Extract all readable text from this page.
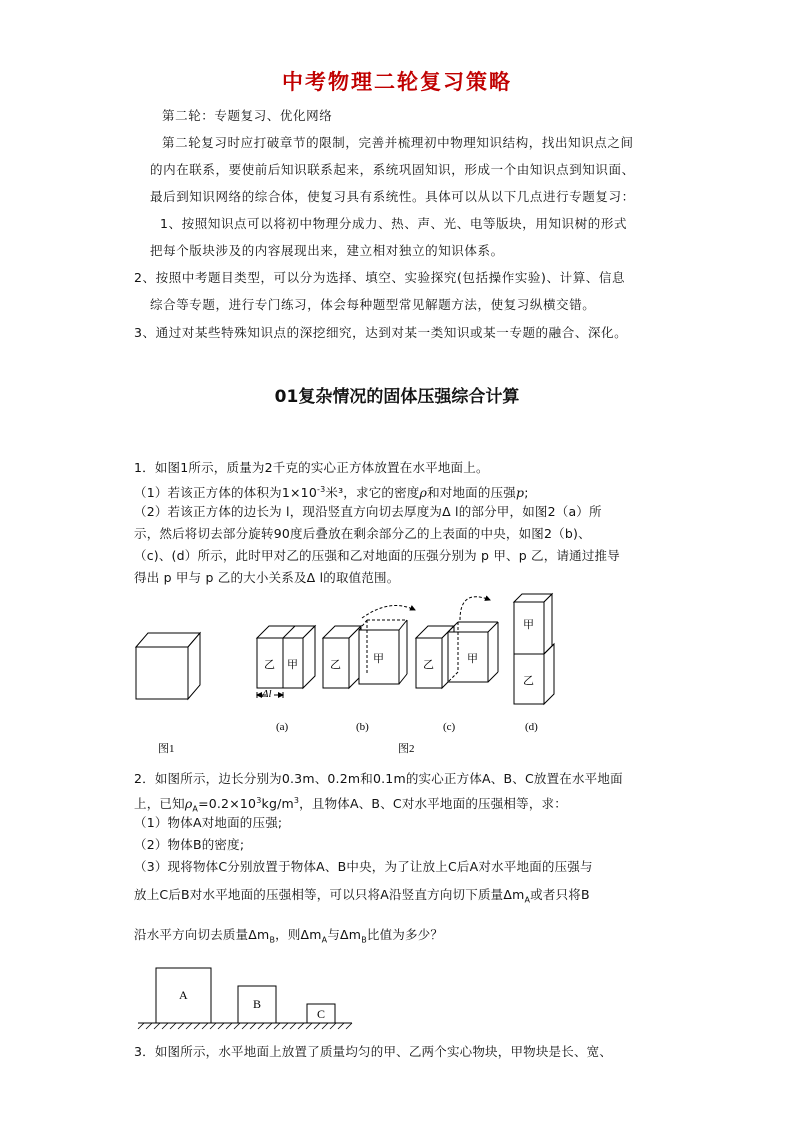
中考物理二轮复习策略
第二轮：专题复习、优化网络
第二轮复习时应打破章节的限制，完善并梳理初中物理知识结构，找出知识点之间
的内在联系，要使前后知识联系起来，系统巩固知识，形成一个由知识点到知识面、
最后到知识网络的综合体，使复习具有系统性。具体可以从以下几点进行专题复习：
1、按照知识点可以将初中物理分成力、热、声、光、电等版块，用知识树的形式
把每个版块涉及的内容展现出来，建立相对独立的知识体系。
2、按照中考题目类型，可以分为选择、填空、实验探究(包括操作实验)、计算、信息
综合等专题，进行专门练习，体会每种题型常见解题方法，使复习纵横交错。
3、通过对某些特殊知识点的深挖细究，达到对某一类知识或某一专题的融合、深化。
01复杂情况的固体压强综合计算
1．如图1所示，质量为2千克的实心正方体放置在水平地面上。
（1）若该正方体的体积为$1\times 10^{-3}$米³，求它的密度ρ和对地面的压强p;
（2）若该正方体的边长为 l，现沿竖直方向切去厚度为Δ l的部分甲，如图2（a）所
示，然后将切去部分旋转90度后叠放在剩余部分乙的上表面的中央，如图2（b)、
（c)、(d）所示，此时甲对乙的压强和乙对地面的压强分别为 p 甲、p 乙，请通过推导
得出 p 甲与 p 乙的大小关系及Δ l的取值范围。
乙 甲	乙	甲	乙	甲
甲
乙
Δl
(a)	(b)	(c)	(d)
图1	图2
2．如图所示，边长分别为0.3m、0.2m和0.1m的实心正方体A、B、C放置在水平地面
上，已知$\rho_A=0.2\times 10^3kg/m^3$，且物体A、B、C对水平地面的压强相等，求：
（1）物体A对地面的压强;
（2）物体B的密度;
（3）现将物体C分别放置于物体A、B中央，为了让放上C后A对水平地面的压强与
放上C后B对水平地面的压强相等，可以只将A沿竖直方向切下质量$\Delta m_A$或者只将B
沿水平方向切去质量$\Delta m_B$，则$\Delta m_A$与$\Delta m_B$比值为多少？
A
B
C
3．如图所示，水平地面上放置了质量均匀的甲、乙两个实心物块，甲物块是长、宽、
